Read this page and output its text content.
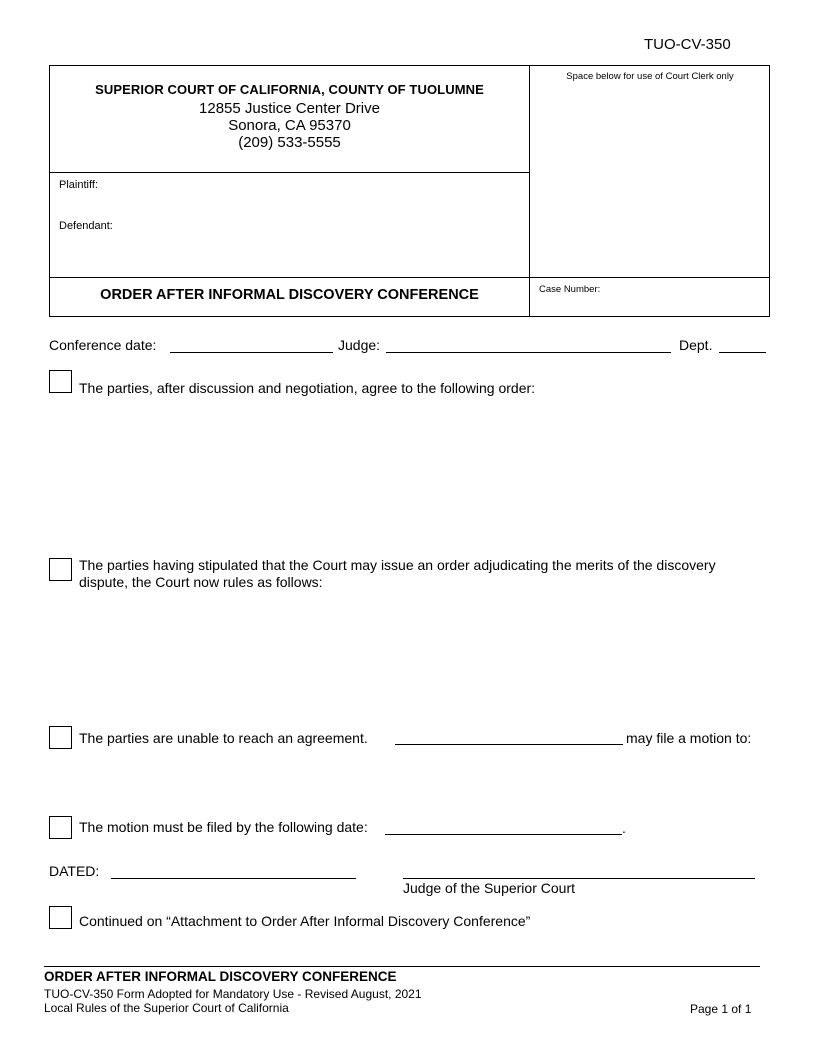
TUO-CV-350
SUPERIOR COURT OF CALIFORNIA, COUNTY OF TUOLUMNE
12855 Justice Center Drive
Sonora, CA 95370
(209) 533-5555
Space below for use of Court Clerk only
Plaintiff:
Defendant:
ORDER AFTER INFORMAL DISCOVERY CONFERENCE	Case Number:
Conference date:	Judge:	Dept.
The parties, after discussion and negotiation, agree to the following order:
The parties having stipulated that the Court may issue an order adjudicating the merits of the discovery
dispute, the Court now rules as follows:
The parties are unable to reach an agreement.	may file a motion to:
The motion must be filed by the following date:	.
DATED:
Judge of the Superior Court
Continued on “Attachment to Order After Informal Discovery Conference”
ORDER AFTER INFORMAL DISCOVERY CONFERENCE
TUO-CV-350 Form Adopted for Mandatory Use - Revised August, 2021
Local Rules of the Superior Court of California	Page 1 of 1
